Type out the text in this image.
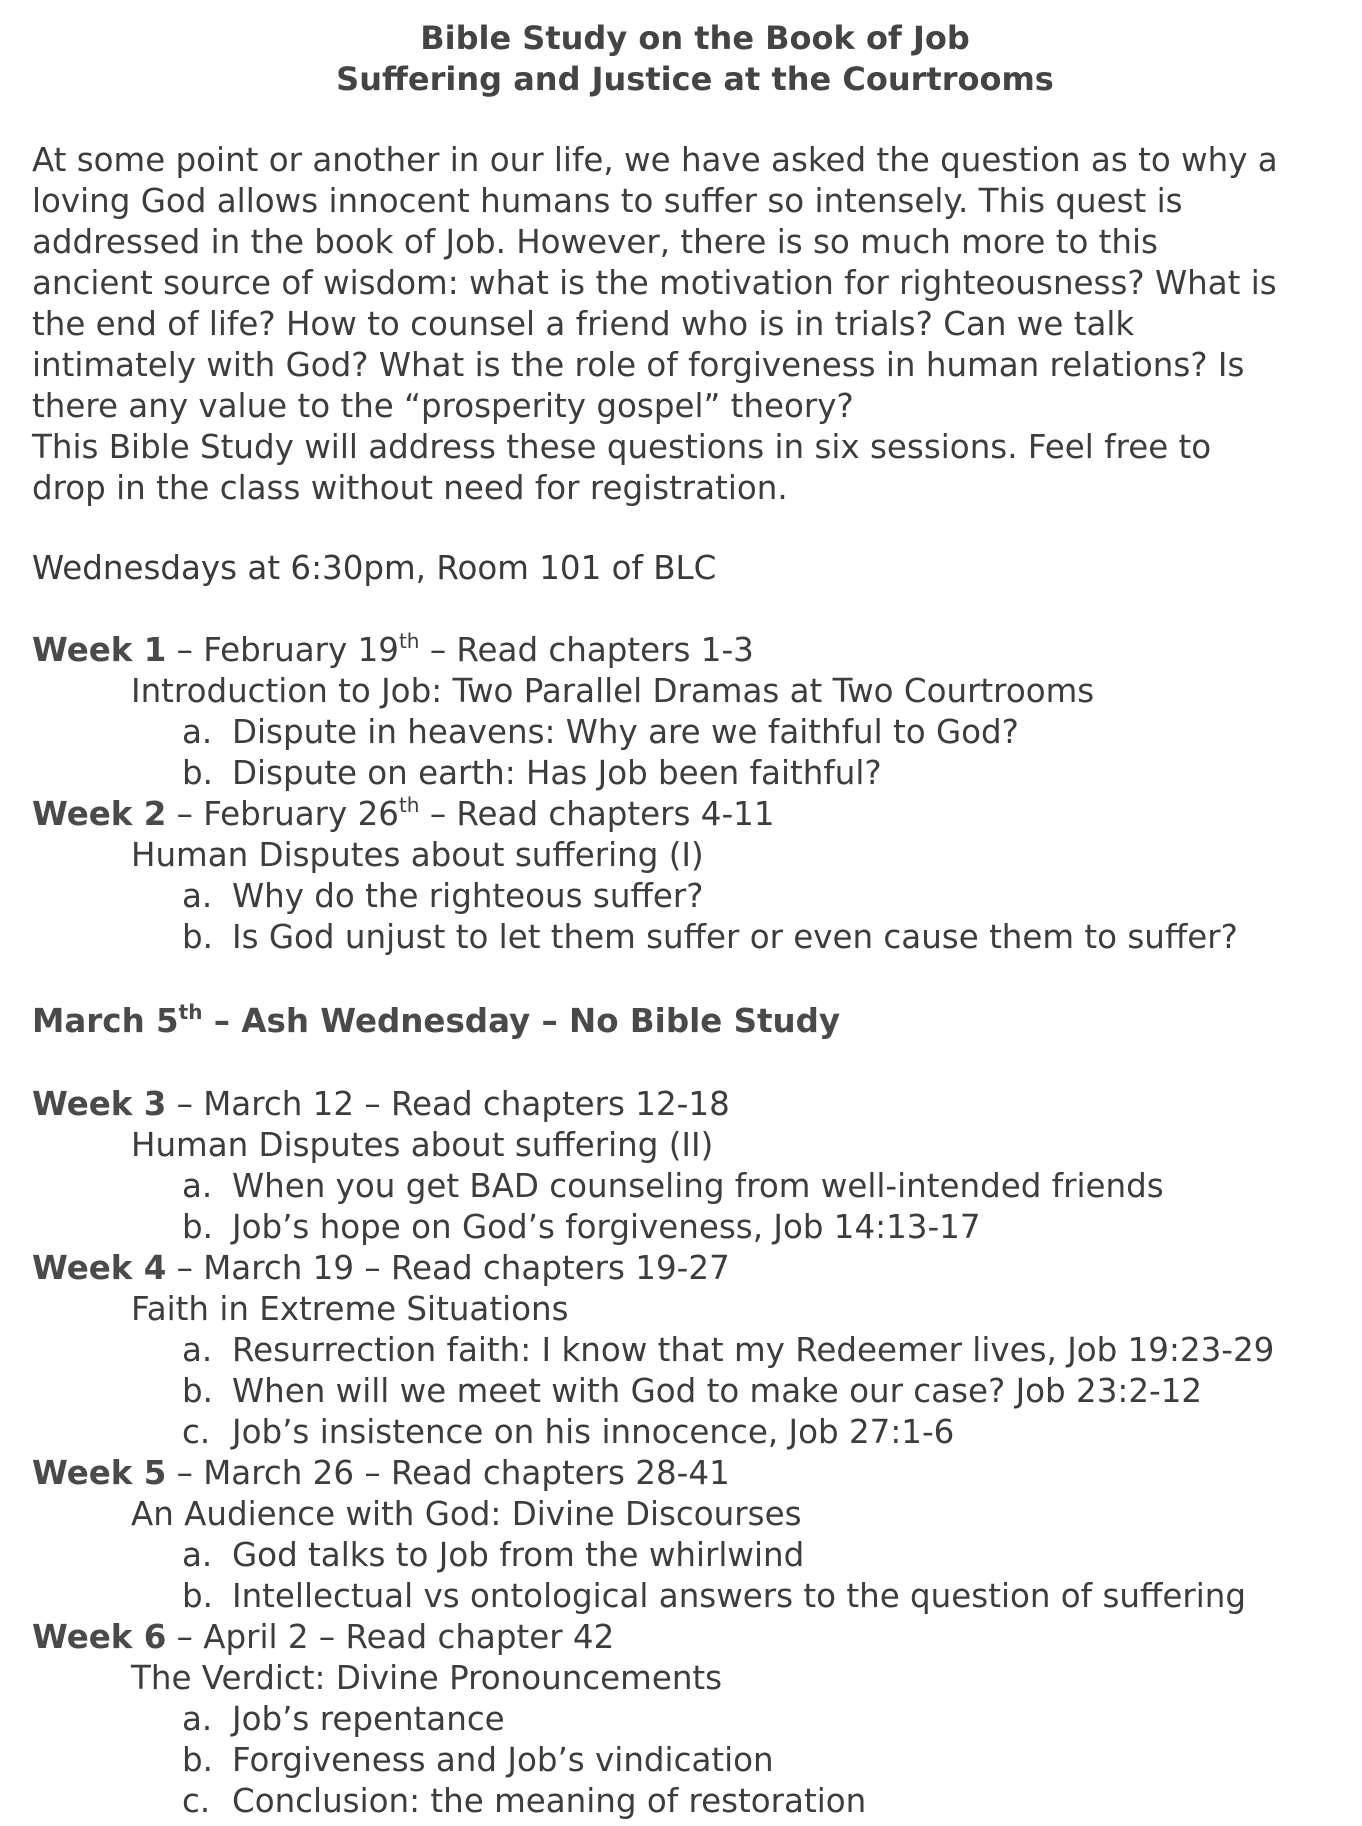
Bible Study on the Book of Job
Suffering and Justice at the Courtrooms
At some point or another in our life, we have asked the question as to why a
loving God allows innocent humans to suffer so intensely. This quest is
addressed in the book of Job. However, there is so much more to this
ancient source of wisdom: what is the motivation for righteousness? What is
the end of life? How to counsel a friend who is in trials? Can we talk
intimately with God? What is the role of forgiveness in human relations? Is
there any value to the “prosperity gospel” theory?
This Bible Study will address these questions in six sessions. Feel free to
drop in the class without need for registration.
Wednesdays at 6:30pm, Room 101 of BLC
Week 1 – February 19th – Read chapters 1-3
Introduction to Job: Two Parallel Dramas at Two Courtrooms
a. Dispute in heavens: Why are we faithful to God?
b. Dispute on earth: Has Job been faithful?
Week 2 – February 26th – Read chapters 4-11
Human Disputes about suffering (I)
a. Why do the righteous suffer?
b. Is God unjust to let them suffer or even cause them to suffer?
March 5th – Ash Wednesday – No Bible Study
Week 3 – March 12 – Read chapters 12-18
Human Disputes about suffering (II)
a. When you get BAD counseling from well-intended friends
b. Job’s hope on God’s forgiveness, Job 14:13-17
Week 4 – March 19 – Read chapters 19-27
Faith in Extreme Situations
a. Resurrection faith: I know that my Redeemer lives, Job 19:23-29
b. When will we meet with God to make our case? Job 23:2-12
c. Job’s insistence on his innocence, Job 27:1-6
Week 5 – March 26 – Read chapters 28-41
An Audience with God: Divine Discourses
a. God talks to Job from the whirlwind
b. Intellectual vs ontological answers to the question of suffering
Week 6 – April 2 – Read chapter 42
The Verdict: Divine Pronouncements
a. Job’s repentance
b. Forgiveness and Job’s vindication
c. Conclusion: the meaning of restoration
